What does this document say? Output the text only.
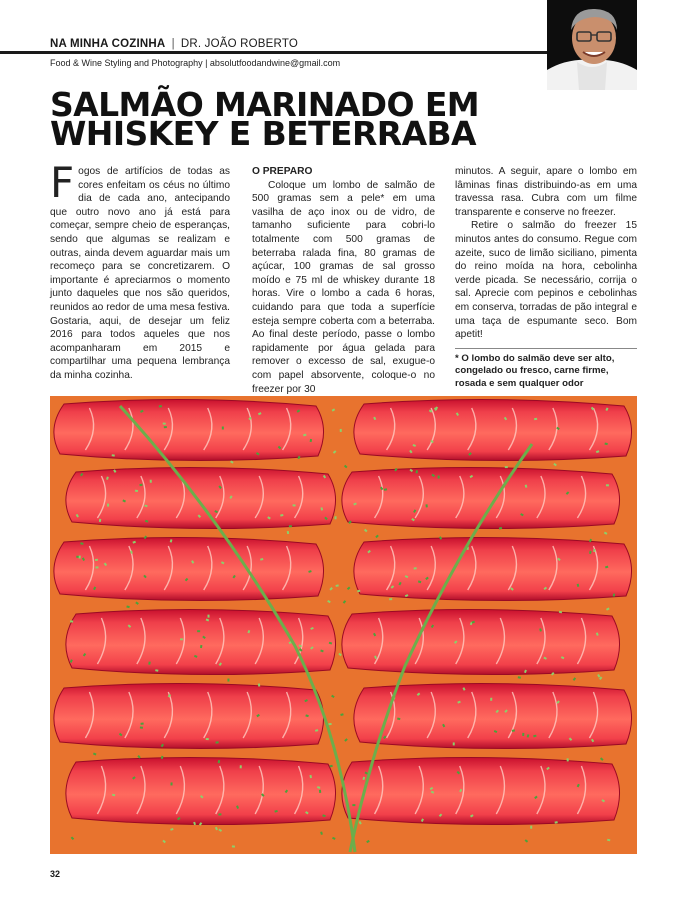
NA MINHA COZINHA | DR. JOÃO ROBERTO
Food & Wine Styling and Photography | absolutfoodandwine@gmail.com
SALMÃO MARINADO EM
WHISKEY E BETERRABA

Fogos de artifícios de todas as cores enfeitam os céus no último dia de cada ano, antecipando que outro novo ano já está para começar, sempre cheio de esperanças, sendo que algumas se realizam e outras, ainda devem aguardar mais um recomeço para se concretizarem. O importante é apreciarmos o momento junto daqueles que nos são queridos, reunidos ao redor de uma mesa festiva. Gostaria, aqui, de desejar um feliz 2016 para todos aqueles que nos acompanharam em 2015 e compartilhar uma pequena lembrança da minha cozinha.

O PREPARO

Coloque um lombo de salmão de 500 gramas sem a pele* em uma vasilha de aço inox ou de vidro, de tamanho suficiente para cobri-lo totalmente com 500 gramas de beterraba ralada fina, 80 gramas de açúcar, 100 gramas de sal grosso moído e 75 ml de whiskey durante 18 horas. Vire o lombo a cada 6 horas, cuidando para que toda a superfície esteja sempre coberta com a beterraba. Ao final deste período, passe o lombo rapidamente por água gelada para remover o excesso de sal, exugue-o com papel absorvente, coloque-o no freezer por 30

minutos. A seguir, apare o lombo em lâminas finas distribuindo-as em uma travessa rasa. Cubra com um filme transparente e conserve no freezer.

Retire o salmão do freezer 15 minutos antes do consumo. Regue com azeite, suco de limão siciliano, pimenta do reino moída na hora, cebolinha verde picada. Se necessário, corrija o sal. Aprecie com pepinos e cebolinhas em conserva, torradas de pão integral e uma taça de espumante seco. Bom apetit!

* O lombo do salmão deve ser alto, congelado ou fresco, carne firme, rosada e sem qualquer odor
32
